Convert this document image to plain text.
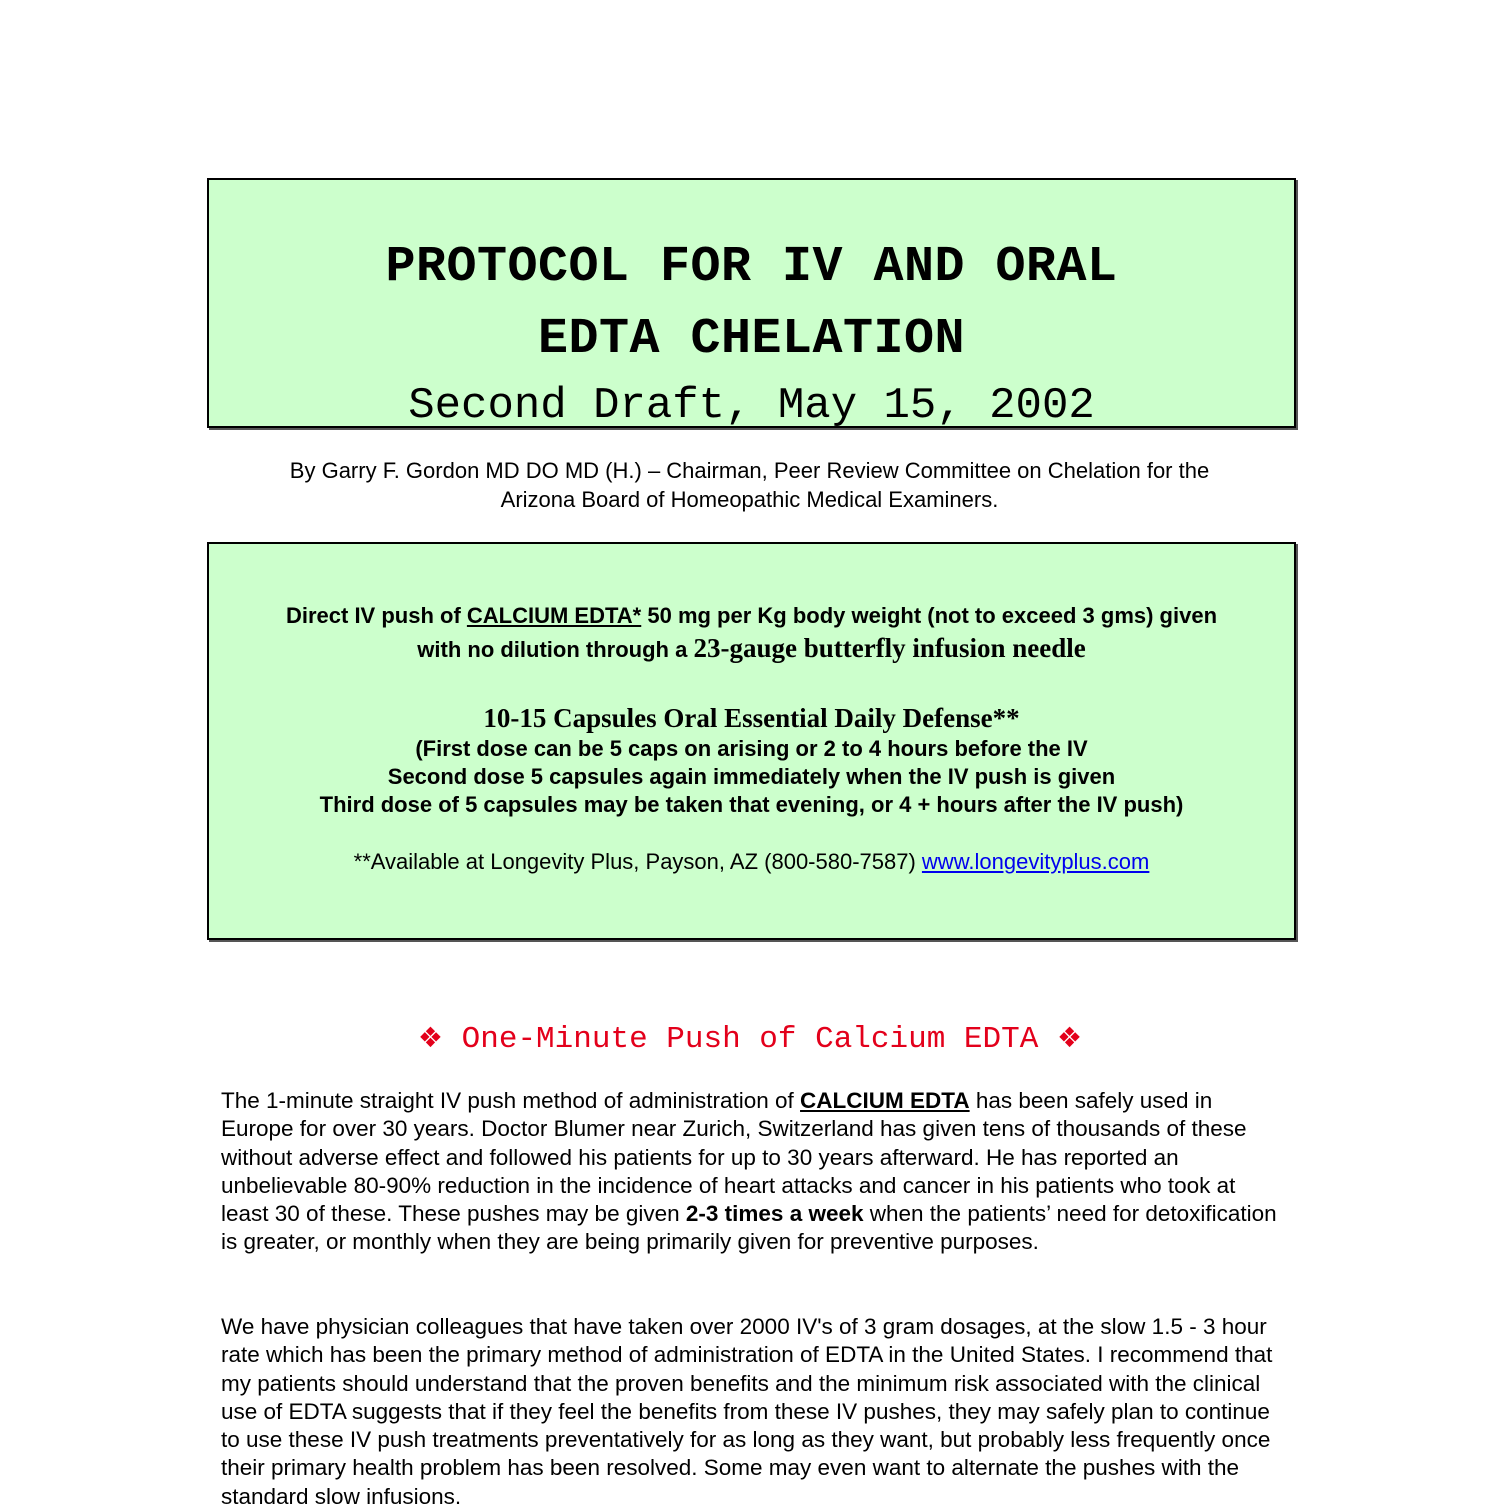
PROTOCOL FOR IV AND ORAL
EDTA CHELATION
Second Draft, May 15, 2002
By Garry F. Gordon MD DO MD (H.) – Chairman, Peer Review Committee on Chelation for the
Arizona Board of Homeopathic Medical Examiners.
Direct IV push of CALCIUM EDTA* 50 mg per Kg body weight (not to exceed 3 gms) given
with no dilution through a 23-gauge butterfly infusion needle
10-15 Capsules Oral Essential Daily Defense**
(First dose can be 5 caps on arising or 2 to 4 hours before the IV
Second dose 5 capsules again immediately when the IV push is given
Third dose of 5 capsules may be taken that evening, or 4 + hours after the IV push)
**Available at Longevity Plus, Payson, AZ (800-580-7587) www.longevityplus.com
❖ One-Minute Push of Calcium EDTA ❖

The 1-minute straight IV push method of administration of CALCIUM EDTA has been safely used in Europe for over 30 years. Doctor Blumer near Zurich, Switzerland has given tens of thousands of these without adverse effect and followed his patients for up to 30 years afterward. He has reported an unbelievable 80-90% reduction in the incidence of heart attacks and cancer in his patients who took at least 30 of these. These pushes may be given 2-3 times a week when the patients’ need for detoxification is greater, or monthly when they are being primarily given for preventive purposes.

We have physician colleagues that have taken over 2000 IV's of 3 gram dosages, at the slow 1.5 - 3 hour rate which has been the primary method of administration of EDTA in the United States. I recommend that my patients should understand that the proven benefits and the minimum risk associated with the clinical use of EDTA suggests that if they feel the benefits from these IV pushes, they may safely plan to continue to use these IV push treatments preventatively for as long as they want, but probably less frequently once their primary health problem has been resolved. Some may even want to alternate the pushes with the standard slow infusions.
